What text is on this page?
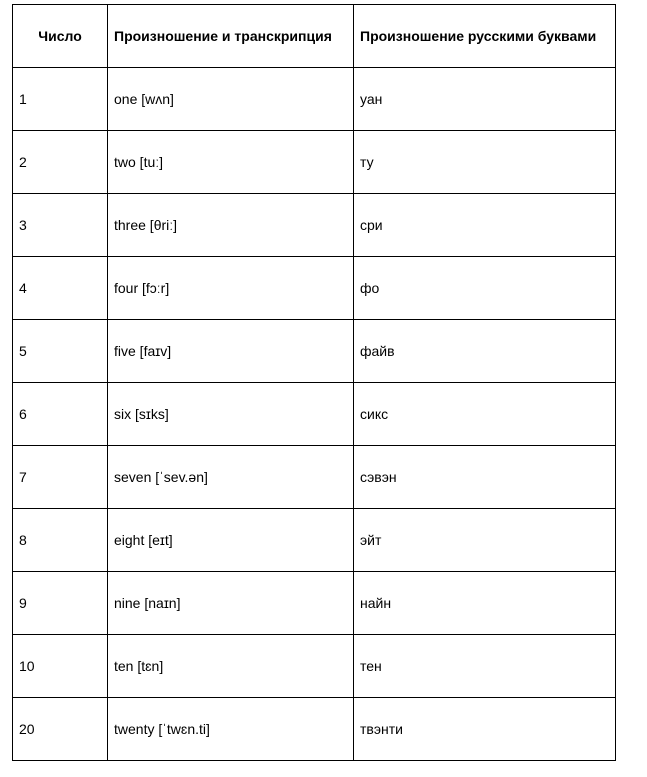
Число	Произношение и транскрипция	Произношение русскими буквами
1	one [wʌn]	уан
2	two [tuː]	ту
3	three [θriː]	сри
4	four [fɔːr]	фо
5	five [faɪv]	файв
6	six [sɪks]	сикс
7	seven [ˈsev.ən]	сэвэн
8	eight [eɪt]	эйт
9	nine [naɪn]	найн
10	ten [tɛn]	тен
20	twenty [ˈtwɛn.ti]	твэнти
